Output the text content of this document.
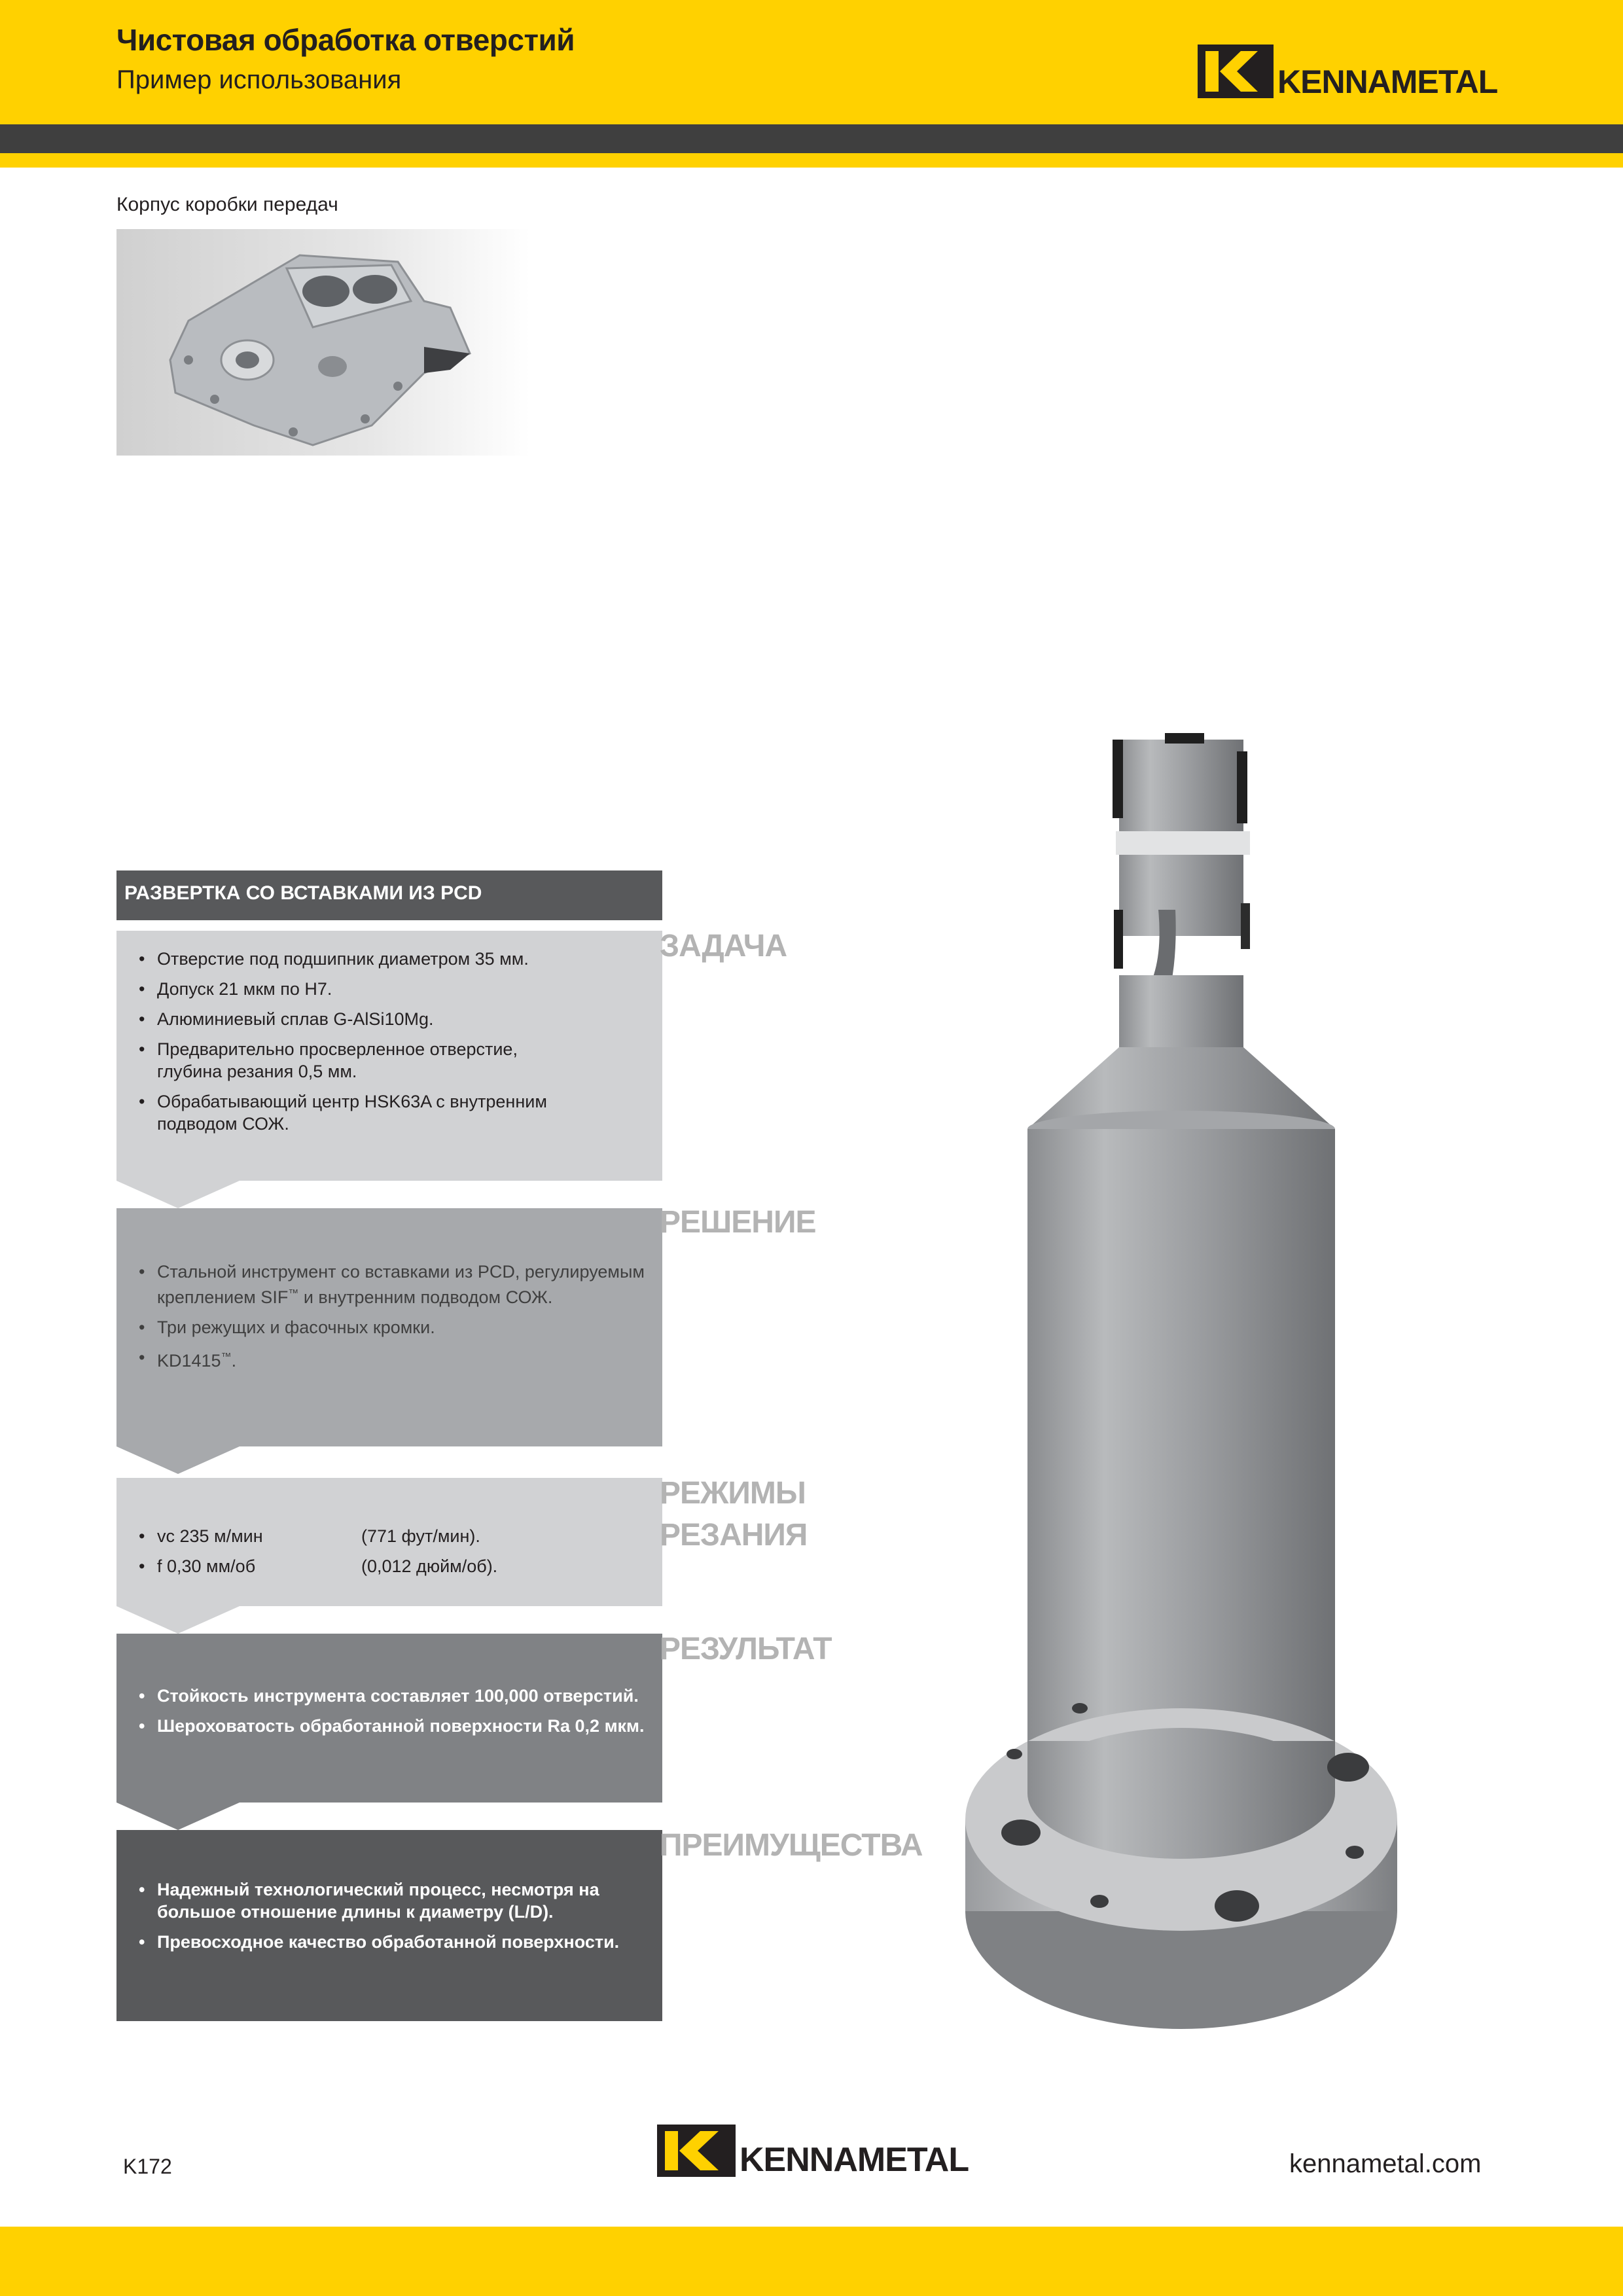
Чистовая обработка отверстий
Пример использования	KENNAMETAL
Корпус коробки передач
РАЗВЕРТКА СО ВСТАВКАМИ ИЗ PCD
• Отверстие под подшипник диаметром 35 мм.
• Допуск 21 мкм по H7.
• Алюминиевый сплав G-AlSi10Mg.
• Предварительно просверленное отверстие,
глубина резания 0,5 мм.
• Обрабатывающий центр HSK63A с внутренним
подводом СОЖ.
ЗАДАЧА
• Стальной инструмент со вставками из PCD, регулируемым
креплением SIF™ и внутренним подводом СОЖ.
• Три режущих и фасочных кромки.
• KD1415™.
РЕШЕНИЕ
• vc 235 м/мин	(771 фут/мин).
• f 0,30 мм/об	(0,012 дюйм/об).
РЕЖИМЫ
РЕЗАНИЯ
• Стойкость инструмента составляет 100,000 отверстий.
• Шероховатость обработанной поверхности Ra 0,2 мкм.
РЕЗУЛЬТАТ
• Надежный технологический процесс, несмотря на
большое отношение длины к диаметру (L/D).
• Превосходное качество обработанной поверхности.
ПРЕИМУЩЕСТВА
K172	KENNAMETAL	kennametal.com
